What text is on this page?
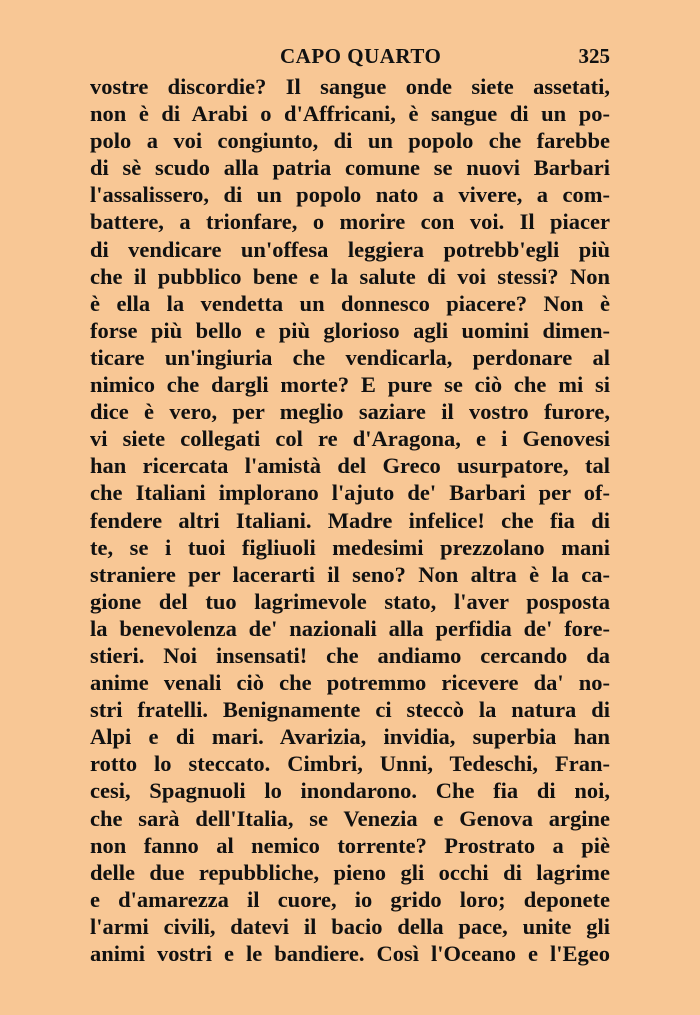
CAPO QUARTO	325
vostre discordie? Il sangue onde siete assetati,
non è di Arabi o d'Affricani, è sangue di un po-
polo a voi congiunto, di un popolo che farebbe
di sè scudo alla patria comune se nuovi Barbari
l'assalissero, di un popolo nato a vivere, a com-
battere, a trionfare, o morire con voi. Il piacer
di vendicare un'offesa leggiera potrebb'egli più
che il pubblico bene e la salute di voi stessi? Non
è ella la vendetta un donnesco piacere? Non è
forse più bello e più glorioso agli uomini dimen-
ticare un'ingiuria che vendicarla, perdonare al
nimico che dargli morte? E pure se ciò che mi si
dice è vero, per meglio saziare il vostro furore,
vi siete collegati col re d'Aragona, e i Genovesi
han ricercata l'amistà del Greco usurpatore, tal
che Italiani implorano l'ajuto de' Barbari per of-
fendere altri Italiani. Madre infelice! che fia di
te, se i tuoi figliuoli medesimi prezzolano mani
straniere per lacerarti il seno? Non altra è la ca-
gione del tuo lagrimevole stato, l'aver posposta
la benevolenza de' nazionali alla perfidia de' fore-
stieri. Noi insensati! che andiamo cercando da
anime venali ciò che potremmo ricevere da' no-
stri fratelli. Benignamente ci steccò la natura di
Alpi e di mari. Avarizia, invidia, superbia han
rotto lo steccato. Cimbri, Unni, Tedeschi, Fran-
cesi, Spagnuoli lo inondarono. Che fia di noi,
che sarà dell'Italia, se Venezia e Genova argine
non fanno al nemico torrente? Prostrato a piè
delle due repubbliche, pieno gli occhi di lagrime
e d'amarezza il cuore, io grido loro; deponete
l'armi civili, datevi il bacio della pace, unite gli
animi vostri e le bandiere. Così l'Oceano e l'Egeo
